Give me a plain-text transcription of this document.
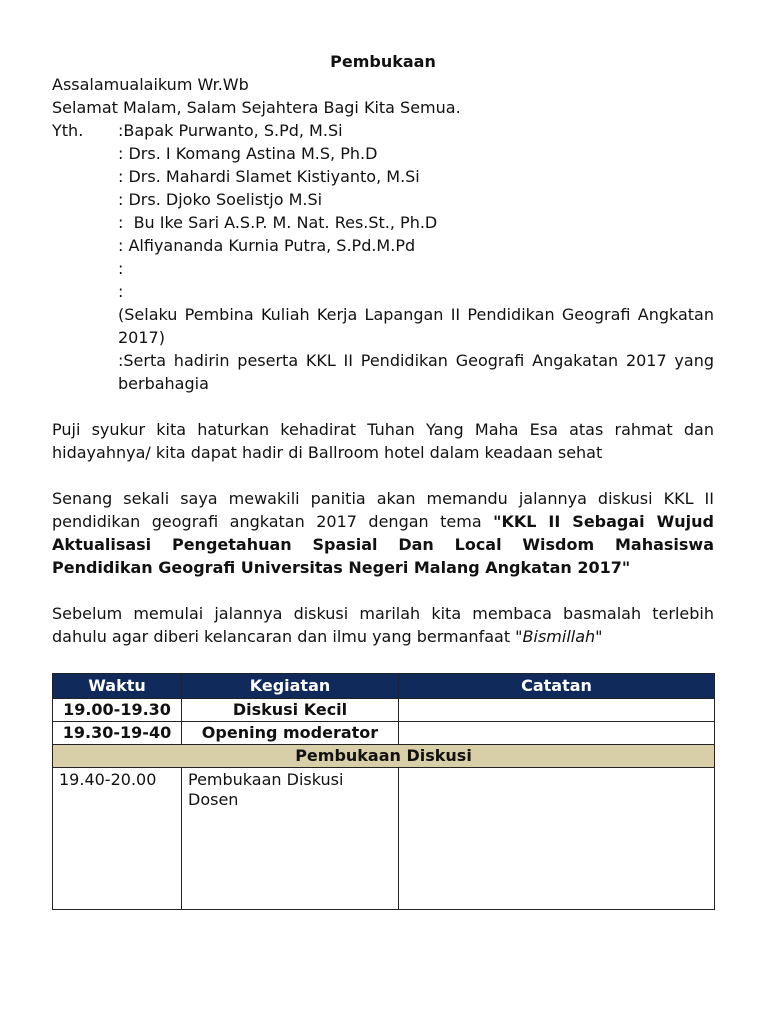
Pembukaan
Assalamualaikum Wr.Wb
Selamat Malam, Salam Sejahtera Bagi Kita Semua.
Yth.	:Bapak Purwanto, S.Pd, M.Si
: Drs. I Komang Astina M.S, Ph.D
: Drs. Mahardi Slamet Kistiyanto, M.Si
: Drs. Djoko Soelistjo M.Si
:  Bu Ike Sari A.S.P. M. Nat. Res.St., Ph.D
: Alfiyananda Kurnia Putra, S.Pd.M.Pd
:
:
(Selaku Pembina Kuliah Kerja Lapangan II Pendidikan Geografi Angkatan 2017)
:Serta hadirin peserta KKL II Pendidikan Geografi Angakatan 2017 yang berbahagia
Puji syukur kita haturkan kehadirat Tuhan Yang Maha Esa atas rahmat dan hidayahnya/ kita dapat hadir di Ballroom hotel dalam keadaan sehat
Senang sekali saya mewakili panitia akan memandu jalannya diskusi KKL II pendidikan geografi angkatan 2017 dengan tema "KKL II Sebagai Wujud Aktualisasi Pengetahuan Spasial Dan Local Wisdom Mahasiswa Pendidikan Geografi Universitas Negeri Malang Angkatan 2017"
Sebelum memulai jalannya diskusi marilah kita membaca basmalah terlebih dahulu agar diberi kelancaran dan ilmu yang bermanfaat "Bismillah"
Waktu	Kegiatan	Catatan
19.00-19.30	Diskusi Kecil	
19.30-19-40	Opening moderator	
Pembukaan Diskusi		
19.40-20.00	Pembukaan Diskusi Dosen	
